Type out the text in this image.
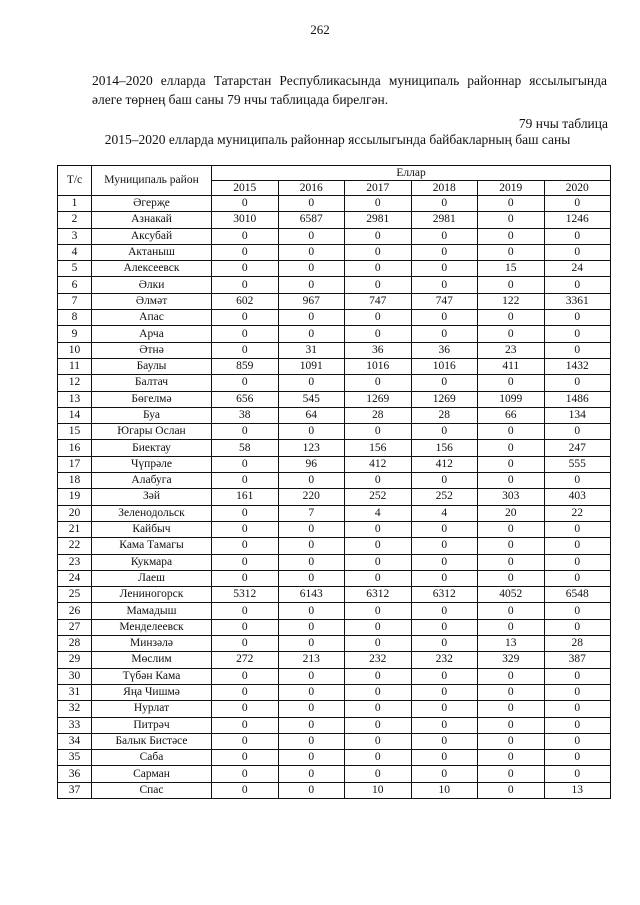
262
2014–2020 елларда Татарстан Республикасында муниципаль районнар яссылыгында әлеге төрнең баш саны 79 нчы таблицада бирелгән.
79 нчы таблица
2015–2020 елларда муниципаль районнар яссылыгында байбакларның баш саны
Т/с	Муниципаль район	Еллар					
		2015	2016	2017	2018	2019	2020
1	Әгерҗе	0	0	0	0	0	0
2	Азнакай	3010	6587	2981	2981	0	1246
3	Аксубай	0	0	0	0	0	0
4	Актаныш	0	0	0	0	0	0
5	Алексеевск	0	0	0	0	15	24
6	Әлки	0	0	0	0	0	0
7	Әлмәт	602	967	747	747	122	3361
8	Апас	0	0	0	0	0	0
9	Арча	0	0	0	0	0	0
10	Әтнә	0	31	36	36	23	0
11	Баулы	859	1091	1016	1016	411	1432
12	Балтач	0	0	0	0	0	0
13	Бөгелмә	656	545	1269	1269	1099	1486
14	Буа	38	64	28	28	66	134
15	Югары Ослан	0	0	0	0	0	0
16	Биектау	58	123	156	156	0	247
17	Чүпрәле	0	96	412	412	0	555
18	Алабуга	0	0	0	0	0	0
19	Зәй	161	220	252	252	303	403
20	Зеленодольск	0	7	4	4	20	22
21	Кайбыч	0	0	0	0	0	0
22	Кама Тамагы	0	0	0	0	0	0
23	Кукмара	0	0	0	0	0	0
24	Лаеш	0	0	0	0	0	0
25	Лениногорск	5312	6143	6312	6312	4052	6548
26	Мамадыш	0	0	0	0	0	0
27	Менделеевск	0	0	0	0	0	0
28	Минзәлә	0	0	0	0	13	28
29	Мөслим	272	213	232	232	329	387
30	Түбән Кама	0	0	0	0	0	0
31	Яңа Чишмә	0	0	0	0	0	0
32	Нурлат	0	0	0	0	0	0
33	Питрәч	0	0	0	0	0	0
34	Балык Бистәсе	0	0	0	0	0	0
35	Саба	0	0	0	0	0	0
36	Сарман	0	0	0	0	0	0
37	Спас	0	0	10	10	0	13
